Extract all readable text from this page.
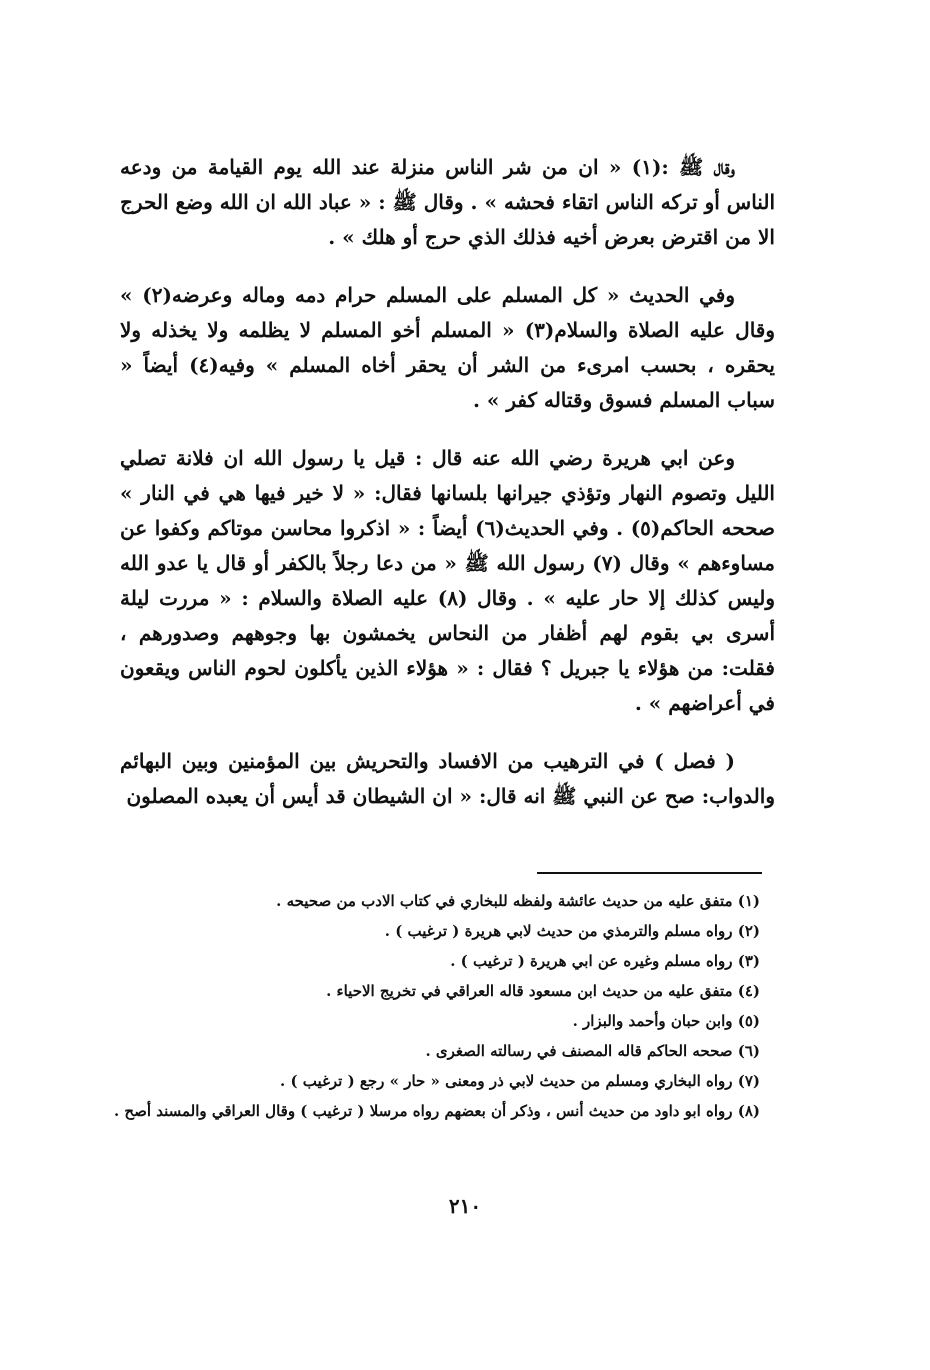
وقال ﷺ :(١) « ان من شر الناس منزلة عند الله يوم القيامة من ودعه الناس أو تركه الناس اتقاء فحشه » . وقال ﷺ : « عباد الله ان الله وضع الحرج الا من اقترض بعرض أخيه فذلك الذي حرج أو هلك » .

وفي الحديث « كل المسلم على المسلم حرام دمه وماله وعرضه(٢) » وقال عليه الصلاة والسلام(٣) « المسلم أخو المسلم لا يظلمه ولا يخذله ولا يحقره ، بحسب امرىء من الشر أن يحقر أخاه المسلم » وفيه(٤) أيضاً « سباب المسلم فسوق وقتاله كفر » .

وعن ابي هريرة رضي الله عنه قال : قيل يا رسول الله ان فلانة تصلي الليل وتصوم النهار وتؤذي جيرانها بلسانها فقال: « لا خير فيها هي في النار » صححه الحاكم(٥) . وفي الحديث(٦) أيضاً : « اذكروا محاسن موتاكم وكفوا عن مساوءهم » وقال (٧) رسول الله ﷺ « من دعا رجلاً بالكفر أو قال يا عدو الله وليس كذلك إلا حار عليه » . وقال (٨) عليه الصلاة والسلام : « مررت ليلة أسرى بي بقوم لهم أظفار من النحاس يخمشون بها وجوههم وصدورهم ، فقلت: من هؤلاء يا جبريل ؟ فقال : « هؤلاء الذين يأكلون لحوم الناس ويقعون في أعراضهم » .

( فصل ) في الترهيب من الافساد والتحريش بين المؤمنين وبين البهائم والدواب: صح عن النبي ﷺ انه قال: « ان الشيطان قد أيس أن يعبده المصلون

(١) متفق عليه من حديث عائشة ولفظه للبخاري في كتاب الادب من صحيحه .

(٢) رواه مسلم والترمذي من حديث لابي هريرة ( ترغيب ) .

(٣) رواه مسلم وغيره عن ابي هريرة ( ترغيب ) .

(٤) متفق عليه من حديث ابن مسعود قاله العراقي في تخريج الاحياء .

(٥) وابن حبان وأحمد والبزار .

(٦) صححه الحاكم قاله المصنف في رسالته الصغرى .

(٧) رواه البخاري ومسلم من حديث لابي ذر ومعنى « حار » رجع ( ترغيب ) .

(٨) رواه ابو داود من حديث أنس ، وذكر أن بعضهم رواه مرسلا ( ترغيب ) وقال العراقي والمسند أصح .

٢١٠
